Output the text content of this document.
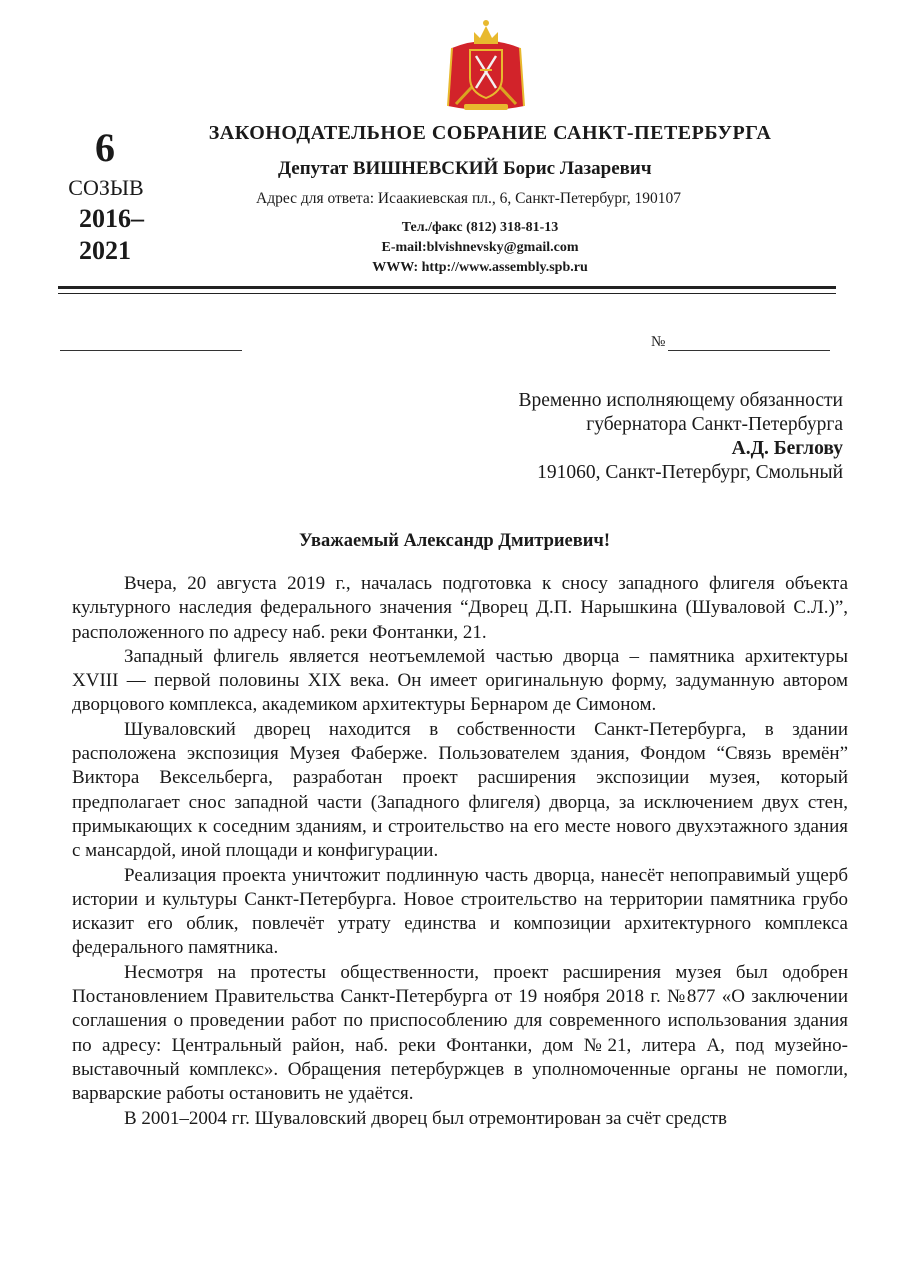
6
СОЗЫВ
2016–
2021
ЗАКОНОДАТЕЛЬНОЕ СОБРАНИЕ САНКТ-ПЕТЕРБУРГА
Депутат ВИШНЕВСКИЙ Борис Лазаревич
Адрес для ответа: Исаакиевская пл., 6, Санкт-Петербург, 190107
Тел./факс (812) 318-81-13
E-mail:blvishnevsky@gmail.com
WWW: http://www.assembly.spb.ru
№
Временно исполняющему обязанности
губернатора Санкт-Петербурга
А.Д. Беглову
191060, Санкт-Петербург, Смольный
Уважаемый Александр Дмитриевич!

Вчера, 20 августа 2019 г., началась подготовка к сносу западного флигеля объекта культурного наследия федерального значения “Дворец Д.П. Нарышкина (Шуваловой С.Л.)”, расположенного по адресу наб. реки Фонтанки, 21.

Западный флигель является неотъемлемой частью дворца – памятника архитектуры XVIII — первой половины XIX века. Он имеет оригинальную форму, задуманную автором дворцового комплекса, академиком архитектуры Бернаром де Симоном.

Шуваловский дворец находится в собственности Санкт-Петербурга, в здании расположена экспозиция Музея Фаберже. Пользователем здания, Фондом “Связь времён” Виктора Вексельберга, разработан проект расширения экспозиции музея, который предполагает снос западной части (Западного флигеля) дворца, за исключением двух стен, примыкающих к соседним зданиям, и строительство на его месте нового двухэтажного здания с мансардой, иной площади и конфигурации.

Реализация проекта уничтожит подлинную часть дворца, нанесёт непоправимый ущерб истории и культуры Санкт-Петербурга. Новое строительство на территории памятника грубо исказит его облик, повлечёт утрату единства и композиции архитектурного комплекса федерального памятника.

Несмотря на протесты общественности, проект расширения музея был одобрен Постановлением Правительства Санкт-Петербурга от 19 ноября 2018 г. №877 «О заключении соглашения о проведении работ по приспособлению для современного использования здания по адресу: Центральный район, наб. реки Фонтанки, дом №21, литера А, под музейно-выставочный комплекс». Обращения петербуржцев в уполномоченные органы не помогли, варварские работы остановить не удаётся.

В 2001–2004 гг. Шуваловский дворец был отремонтирован за счёт средств
